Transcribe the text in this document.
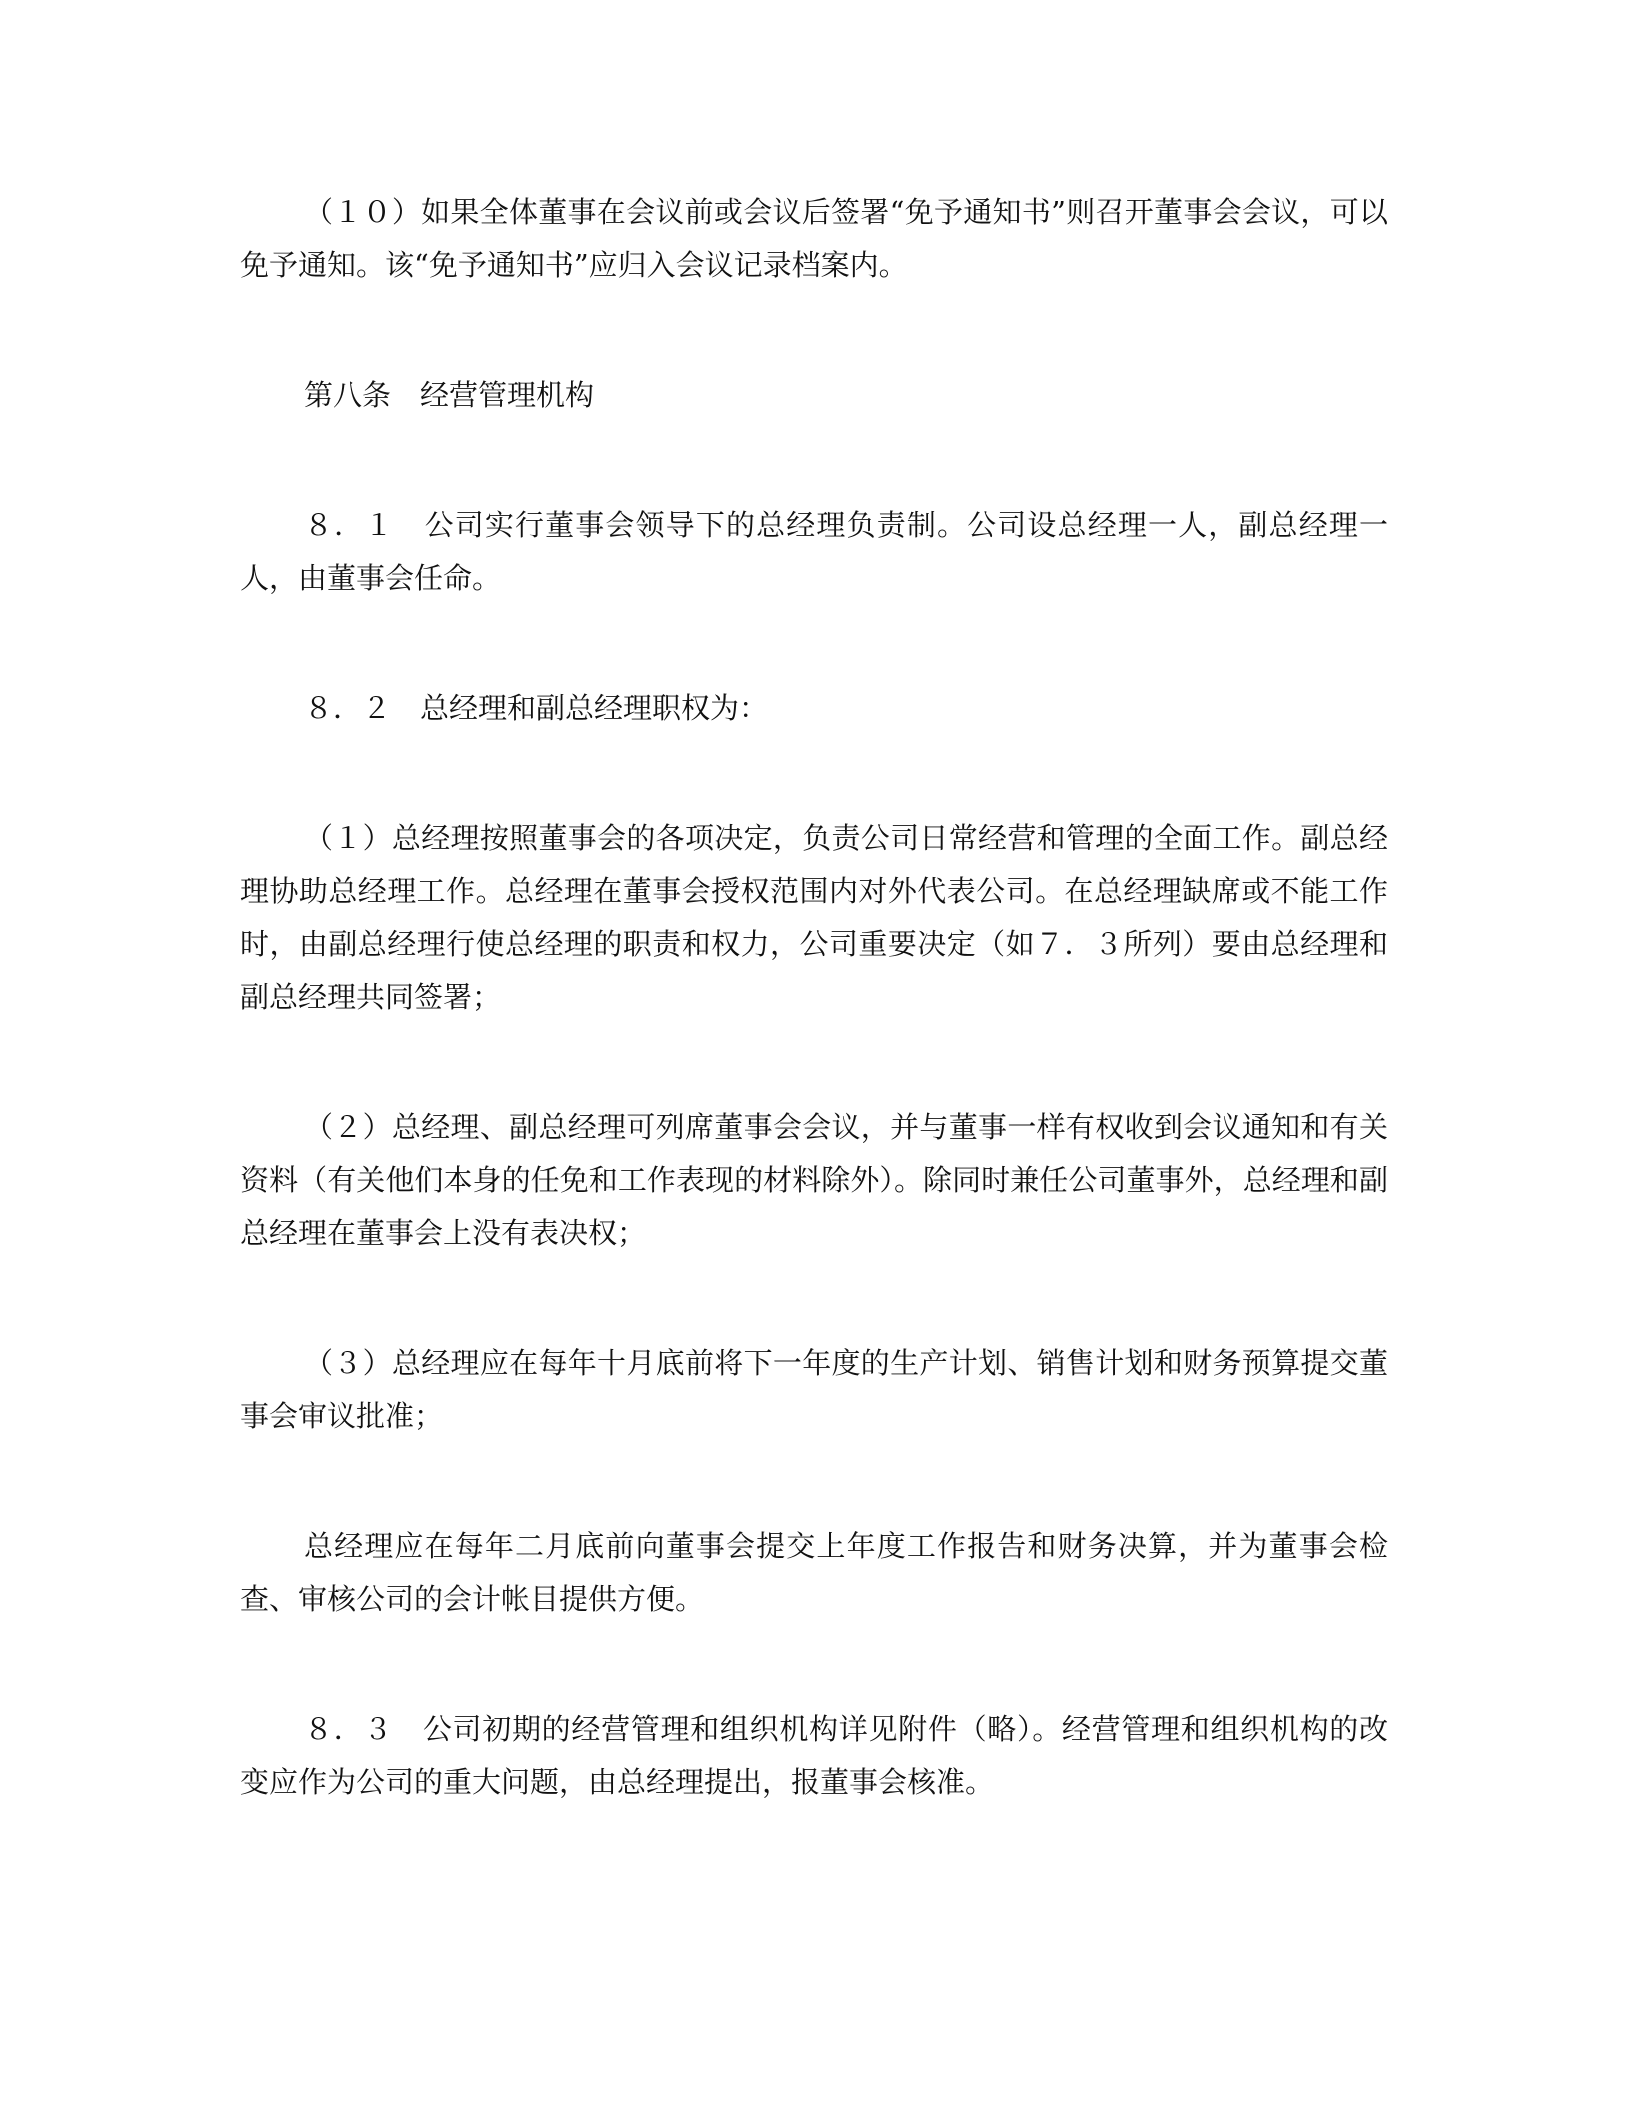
（１０）如果全体董事在会议前或会议后签署“免予通知书”则召开董事会会议，可以免予通知。该“免予通知书”应归入会议记录档案内。

第八条　经营管理机构

８．１　公司实行董事会领导下的总经理负责制。公司设总经理一人，副总经理一人，由董事会任命。

８．２　总经理和副总经理职权为：

（１）总经理按照董事会的各项决定，负责公司日常经营和管理的全面工作。副总经理协助总经理工作。总经理在董事会授权范围内对外代表公司。在总经理缺席或不能工作时，由副总经理行使总经理的职责和权力，公司重要决定（如７．３所列）要由总经理和副总经理共同签署；

（２）总经理、副总经理可列席董事会会议，并与董事一样有权收到会议通知和有关资料（有关他们本身的任免和工作表现的材料除外）。除同时兼任公司董事外，总经理和副总经理在董事会上没有表决权；

（３）总经理应在每年十月底前将下一年度的生产计划、销售计划和财务预算提交董事会审议批准；

总经理应在每年二月底前向董事会提交上年度工作报告和财务决算，并为董事会检查、审核公司的会计帐目提供方便。

８．３　公司初期的经营管理和组织机构详见附件（略）。经营管理和组织机构的改变应作为公司的重大问题，由总经理提出，报董事会核准。
